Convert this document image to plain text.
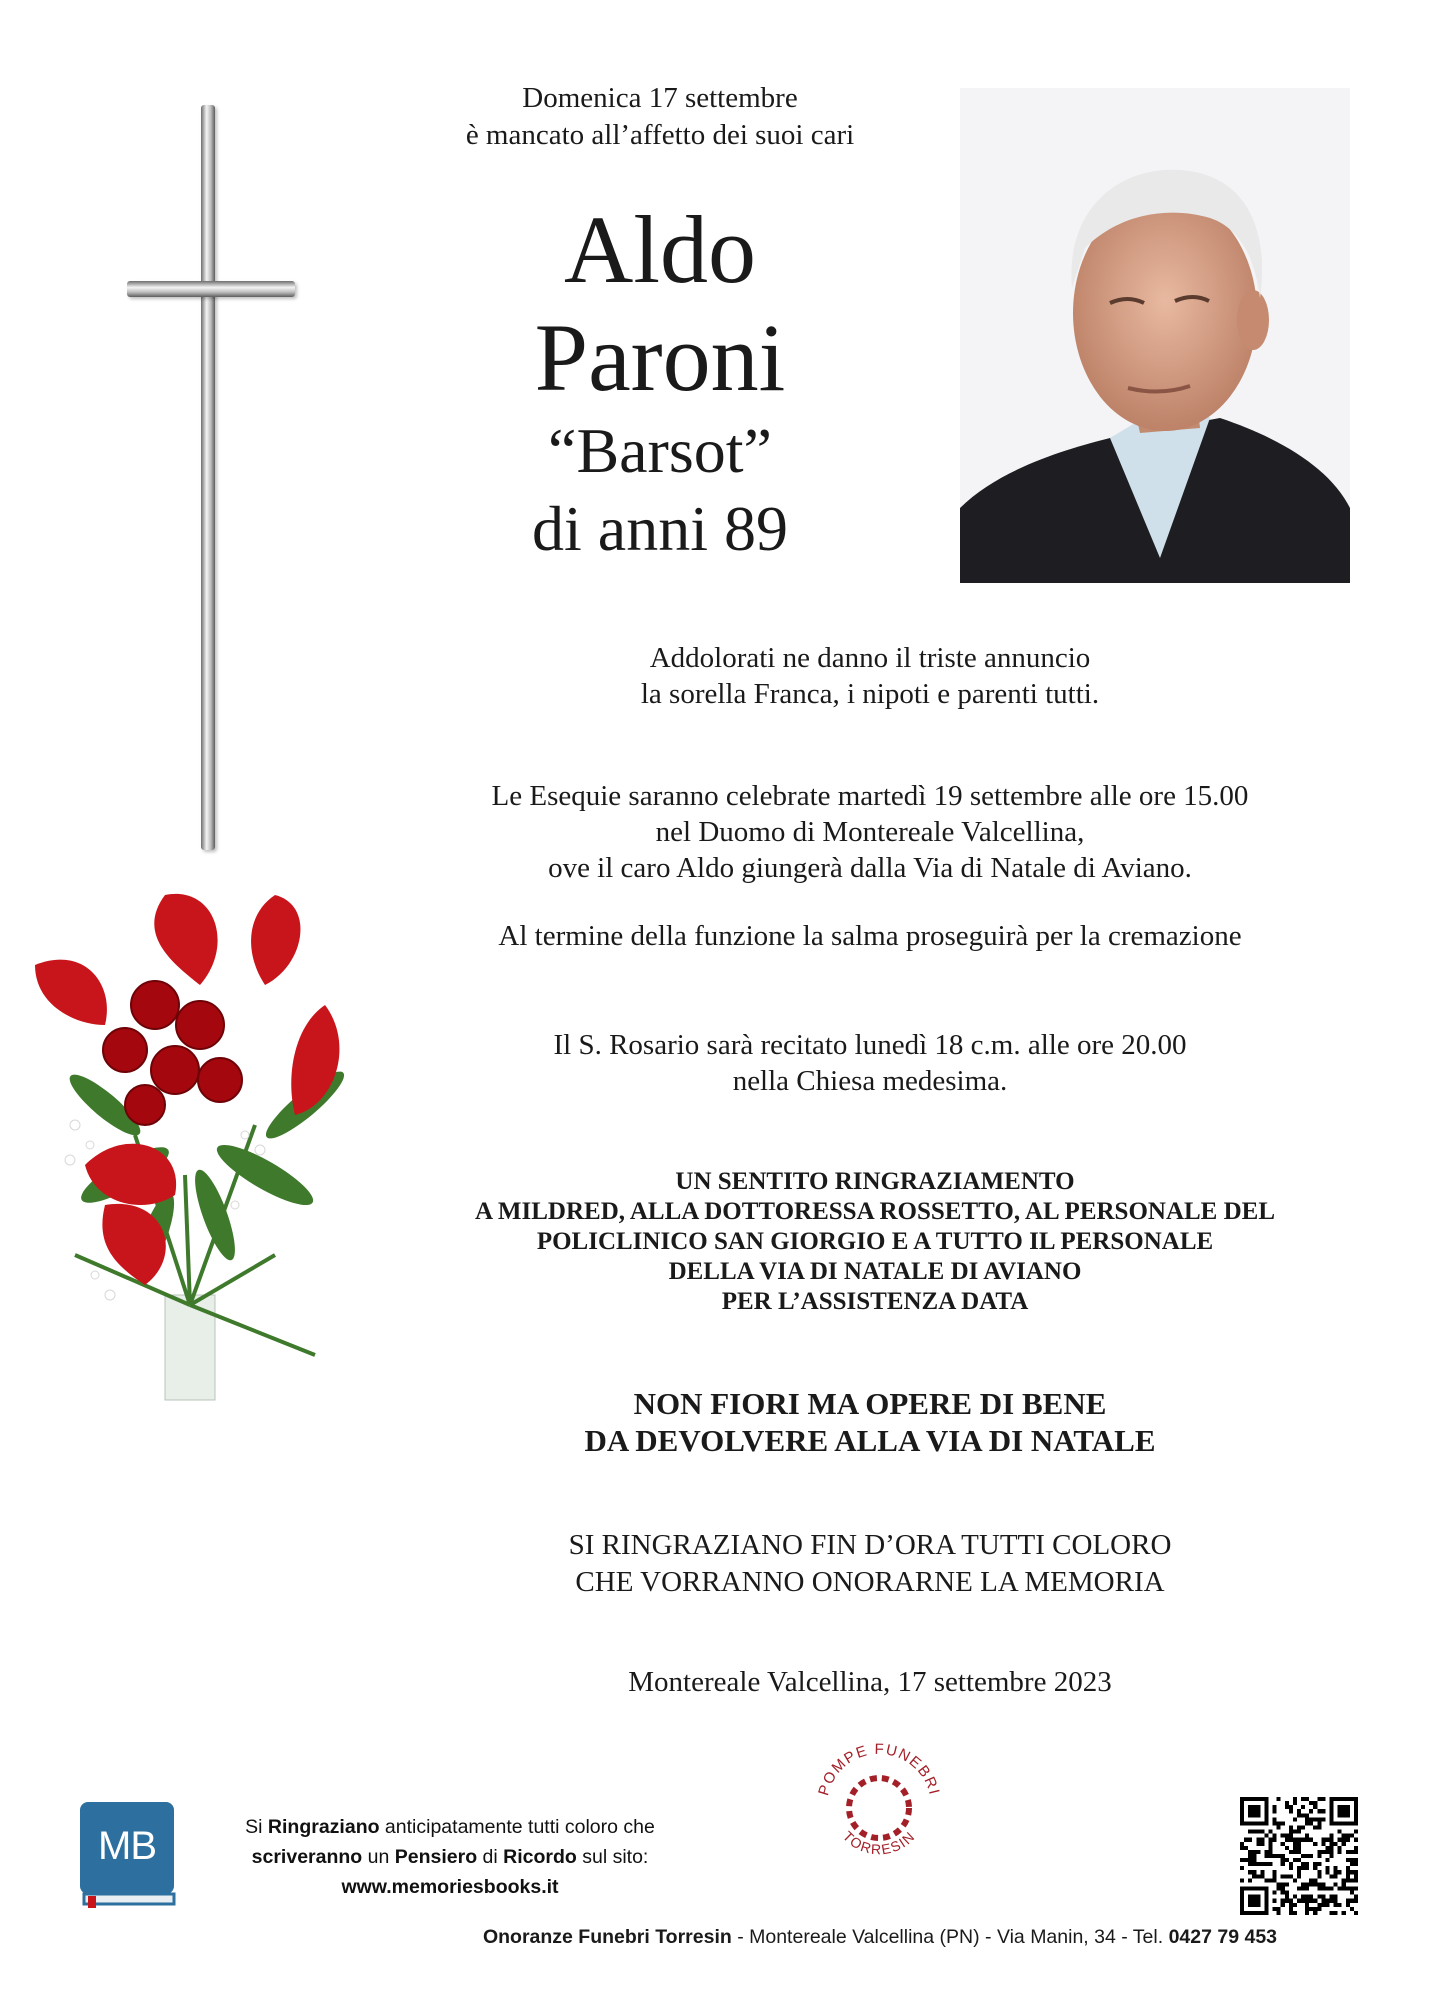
Domenica 17 settembre
è mancato all’affetto dei suoi cari
Aldo
Paroni
“Barsot”
di anni 89
Addolorati ne danno il triste annuncio
la sorella Franca, i nipoti e parenti tutti.
Le Esequie saranno celebrate martedì 19 settembre alle ore 15.00
nel Duomo di Montereale Valcellina,
ove il caro Aldo giungerà dalla Via di Natale di Aviano.
Al termine della funzione la salma proseguirà per la cremazione
Il S. Rosario sarà recitato lunedì 18 c.m. alle ore 20.00
nella Chiesa medesima.
UN SENTITO RINGRAZIAMENTO
A MILDRED, ALLA DOTTORESSA ROSSETTO, AL PERSONALE DEL
POLICLINICO SAN GIORGIO E A TUTTO IL PERSONALE
DELLA VIA DI NATALE DI AVIANO
PER L’ASSISTENZA DATA
NON FIORI MA OPERE DI BENE
DA DEVOLVERE ALLA VIA DI NATALE
SI RINGRAZIANO FIN D’ORA TUTTI COLORO
CHE VORRANNO ONORARNE LA MEMORIA
Montereale Valcellina, 17 settembre 2023
MB	Si Ringraziano anticipatamente tutti coloro che
scriveranno un Pensiero di Ricordo sul sito:
www.memoriesbooks.it
POMPE FUNEBRI
TORRESIN
Onoranze Funebri Torresin - Montereale Valcellina (PN) - Via Manin, 34 - Tel. 0427 79 453
